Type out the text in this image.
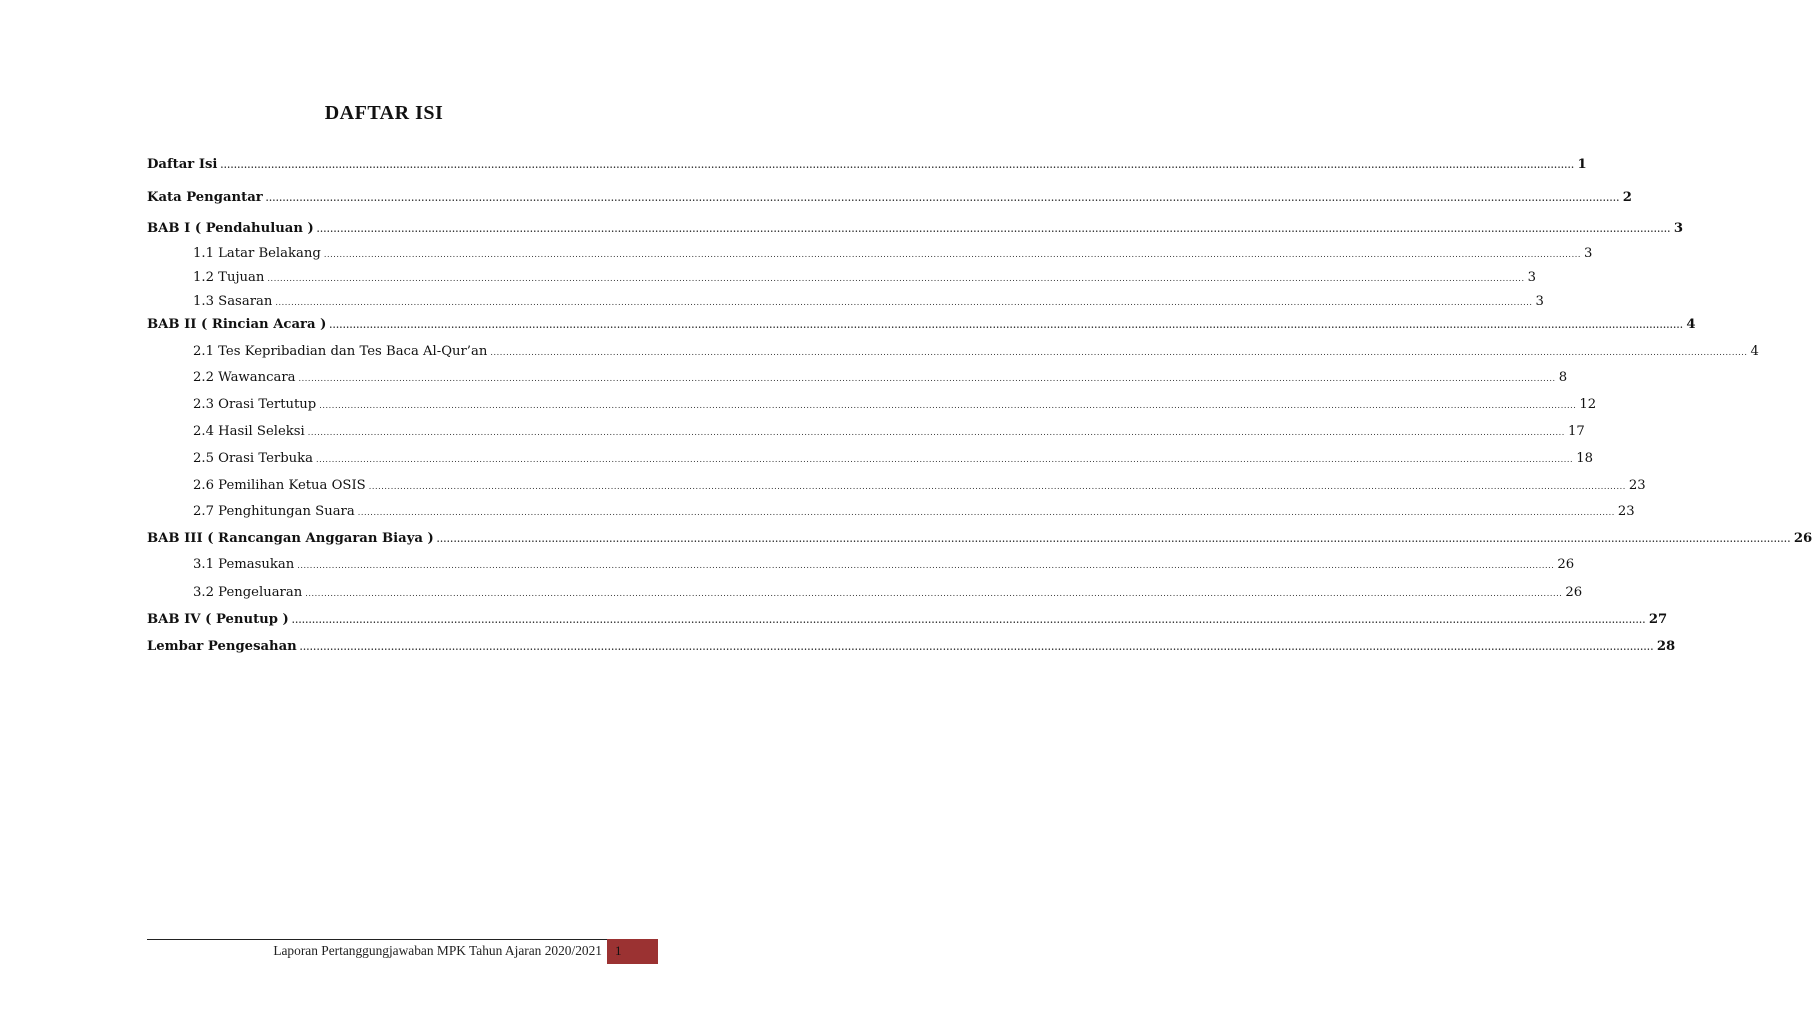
DAFTAR ISI
Daftar Isi ................................................................................................................................................................................................................................................................................................................................................................................................................ 1
Kata Pengantar ................................................................................................................................................................................................................................................................................................................................................................................................................ 2
BAB I ( Pendahuluan ) ................................................................................................................................................................................................................................................................................................................................................................................................................ 3
1.1 Latar Belakang ................................................................................................................................................................................................................................................................................................................................................................................................................ 3
1.2 Tujuan ................................................................................................................................................................................................................................................................................................................................................................................................................ 3
1.3 Sasaran ................................................................................................................................................................................................................................................................................................................................................................................................................ 3
BAB II ( Rincian Acara ) ................................................................................................................................................................................................................................................................................................................................................................................................................ 4
2.1 Tes Kepribadian dan Tes Baca Al-Qur’an ................................................................................................................................................................................................................................................................................................................................................................................................................ 4
2.2 Wawancara ................................................................................................................................................................................................................................................................................................................................................................................................................ 8
2.3 Orasi Tertutup ................................................................................................................................................................................................................................................................................................................................................................................................................ 12
2.4 Hasil Seleksi ................................................................................................................................................................................................................................................................................................................................................................................................................ 17
2.5 Orasi Terbuka ................................................................................................................................................................................................................................................................................................................................................................................................................ 18
2.6 Pemilihan Ketua OSIS ................................................................................................................................................................................................................................................................................................................................................................................................................ 23
2.7 Penghitungan Suara ................................................................................................................................................................................................................................................................................................................................................................................................................ 23
BAB III ( Rancangan Anggaran Biaya ) ................................................................................................................................................................................................................................................................................................................................................................................................................ 26
3.1 Pemasukan ................................................................................................................................................................................................................................................................................................................................................................................................................ 26
3.2 Pengeluaran ................................................................................................................................................................................................................................................................................................................................................................................................................ 26
BAB IV ( Penutup ) ................................................................................................................................................................................................................................................................................................................................................................................................................ 27
Lembar Pengesahan ................................................................................................................................................................................................................................................................................................................................................................................................................ 28
Laporan Pertanggungjawaban MPK Tahun Ajaran 2020/2021	1
